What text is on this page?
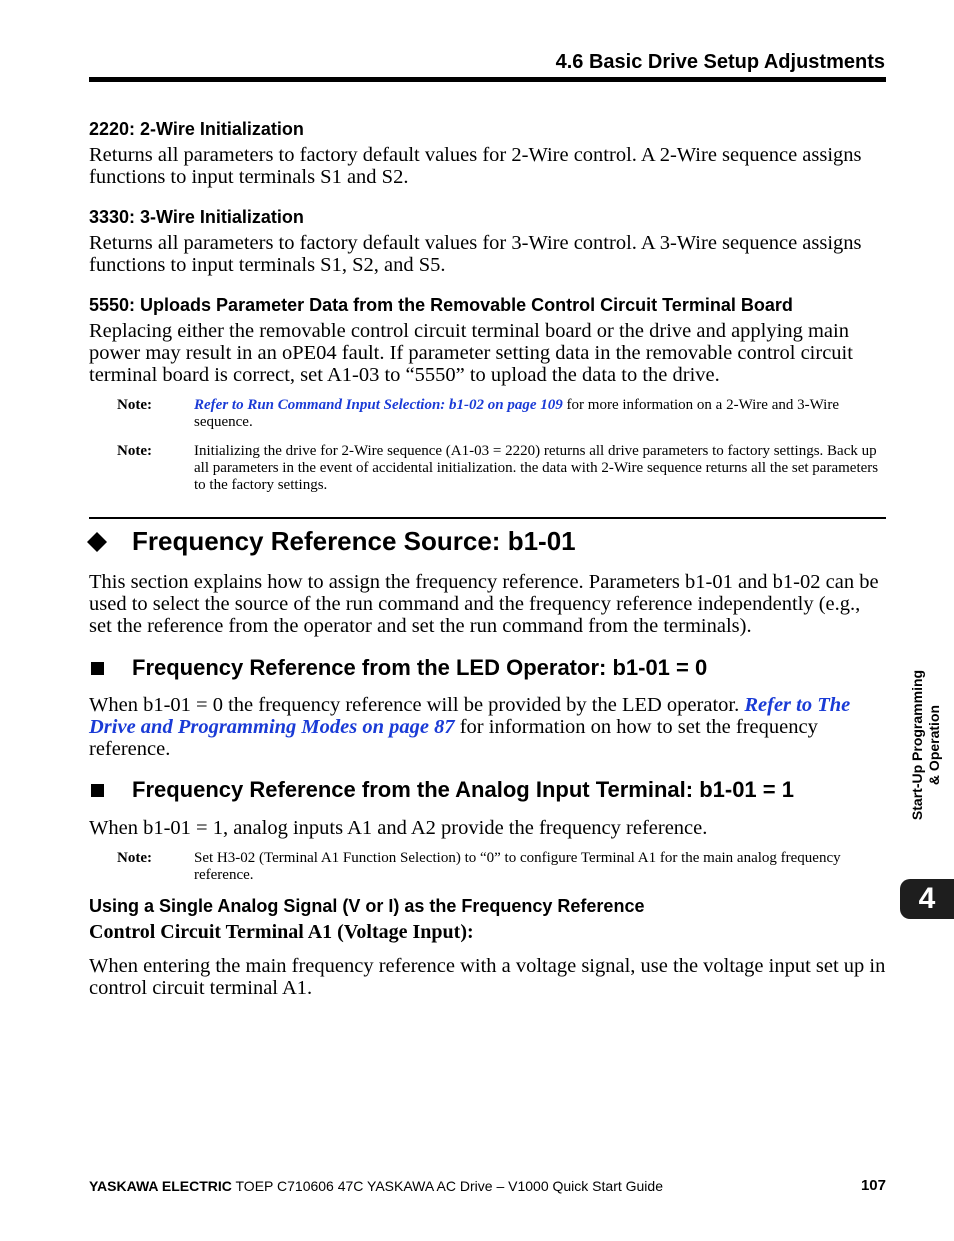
4.6 Basic Drive Setup Adjustments
2220: 2-Wire Initialization
Returns all parameters to factory default values for 2-Wire control. A 2-Wire sequence assigns functions to input terminals S1 and S2.
3330: 3-Wire Initialization
Returns all parameters to factory default values for 3-Wire control. A 3-Wire sequence assigns functions to input terminals S1, S2, and S5.
5550: Uploads Parameter Data from the Removable Control Circuit Terminal Board
Replacing either the removable control circuit terminal board or the drive and applying main power may result in an oPE04 fault. If parameter setting data in the removable control circuit terminal board is correct, set A1-03 to “5550” to upload the data to the drive.
Note:	Refer to Run Command Input Selection: b1-02 on page 109 for more information on a 2-Wire and 3-Wire sequence.
Note:	Initializing the drive for 2-Wire sequence (A1-03 = 2220) returns all drive parameters to factory settings. Back up all parameters in the event of accidental initialization. the data with 2-Wire sequence returns all the set parameters to the factory settings.
Frequency Reference Source: b1-01
This section explains how to assign the frequency reference. Parameters b1-01 and b1-02 can be used to select the source of the run command and the frequency reference independently (e.g., set the reference from the operator and set the run command from the terminals).
Frequency Reference from the LED Operator: b1-01 = 0
When b1-01 = 0 the frequency reference will be provided by the LED operator. Refer to The Drive and Programming Modes on page 87 for information on how to set the frequency reference.
Frequency Reference from the Analog Input Terminal: b1-01 = 1
When b1-01 = 1, analog inputs A1 and A2 provide the frequency reference.
Note:	Set H3-02 (Terminal A1 Function Selection) to “0” to configure Terminal A1 for the main analog frequency reference.
Using a Single Analog Signal (V or I) as the Frequency Reference
Control Circuit Terminal A1 (Voltage Input):
When entering the main frequency reference with a voltage signal, use the voltage input set up in control circuit terminal A1.
Start-Up Programming & Operation
4
YASKAWA ELECTRIC TOEP C710606 47C YASKAWA AC Drive – V1000 Quick Start Guide	107
